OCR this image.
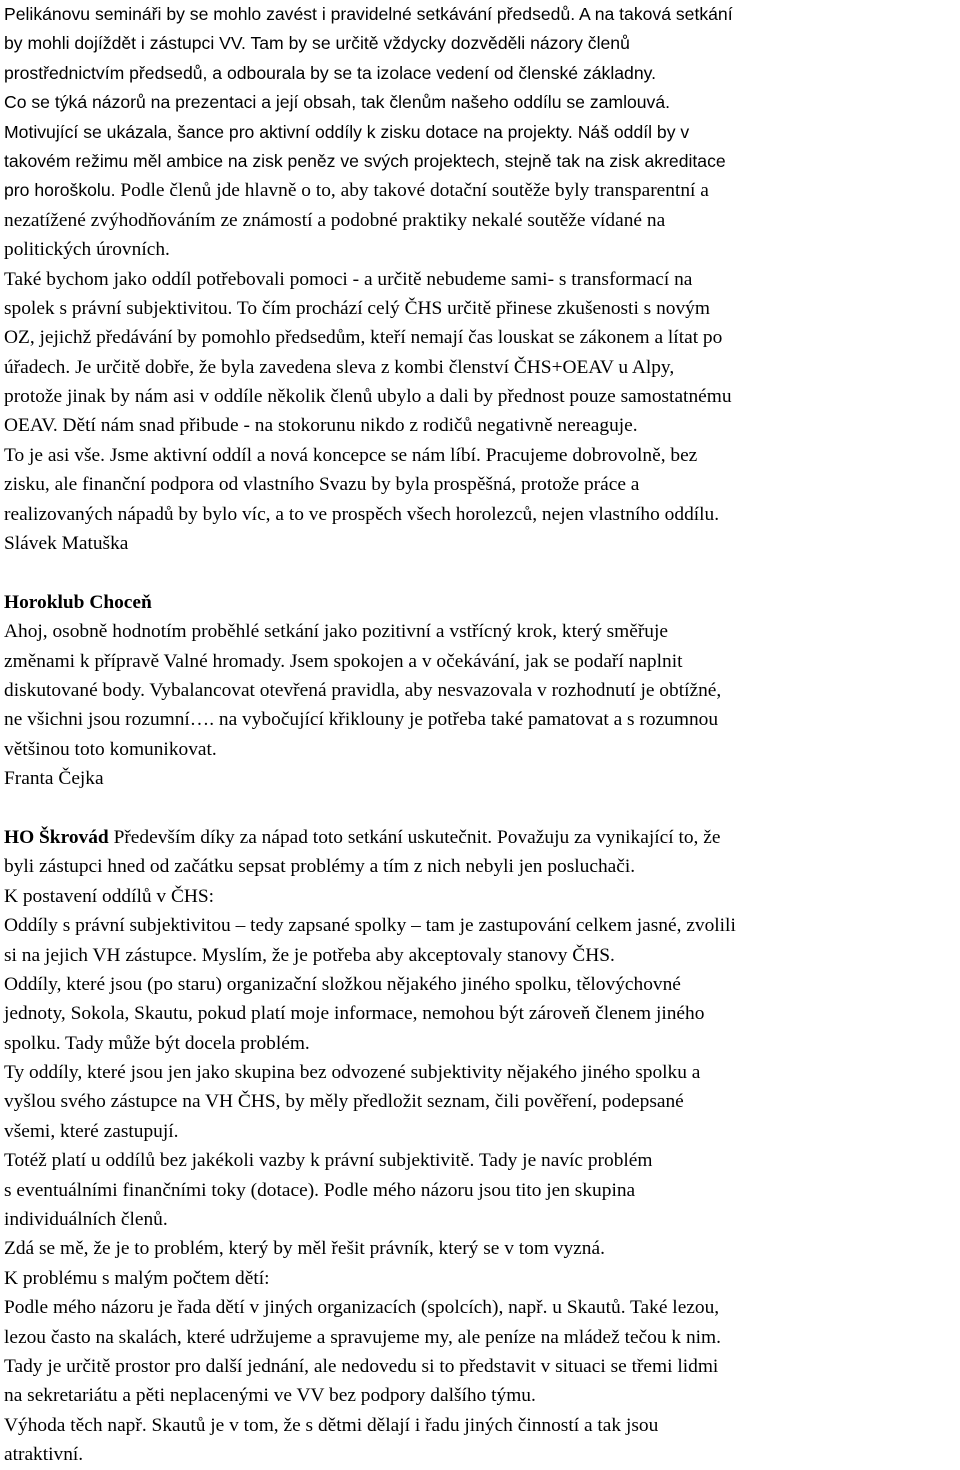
Pelikánovu semináři by se mohlo zavést i pravidelné setkávání předsedů. A na taková setkání
by mohli dojíždět i zástupci VV. Tam by se určitě vždycky dozvěděli názory členů
prostřednictvím předsedů, a odbourala by se ta izolace vedení od členské základny.
Co se týká názorů na prezentaci a její obsah, tak členům našeho oddílu se zamlouvá.
Motivující se ukázala, šance pro aktivní oddíly k zisku dotace na projekty. Náš oddíl by v
takovém režimu měl ambice na zisk peněz ve svých projektech, stejně tak na zisk akreditace
pro horoškolu. Podle členů jde hlavně o to, aby takové dotační soutěže byly transparentní a
nezatížené zvýhodňováním ze známostí a podobné praktiky nekalé soutěže vídané na
politických úrovních.
Také bychom jako oddíl potřebovali pomoci - a určitě nebudeme sami- s transformací na
spolek s právní subjektivitou. To čím prochází celý ČHS určitě přinese zkušenosti s novým
OZ, jejichž předávání by pomohlo předsedům, kteří nemají čas louskat se zákonem a lítat po
úřadech. Je určitě dobře, že byla zavedena sleva z kombi členství ČHS+OEAV u Alpy,
protože jinak by nám asi v oddíle několik členů ubylo a dali by přednost pouze samostatnému
OEAV. Dětí nám snad přibude - na stokorunu nikdo z rodičů negativně nereaguje.
To je asi vše. Jsme aktivní oddíl a nová koncepce se nám líbí. Pracujeme dobrovolně, bez
zisku, ale finanční podpora od vlastního Svazu by byla prospěšná, protože práce a
realizovaných nápadů by bylo víc, a to ve prospěch všech horolezců, nejen vlastního oddílu.
Slávek Matuška
Horoklub Choceň
Ahoj, osobně hodnotím proběhlé setkání jako pozitivní a vstřícný krok, který směřuje
změnami k přípravě Valné hromady. Jsem spokojen a v očekávání, jak se podaří naplnit
diskutované body. Vybalancovat otevřená pravidla, aby nesvazovala v rozhodnutí je obtížné,
ne všichni jsou rozumní…. na vybočující křiklouny je potřeba také pamatovat a s rozumnou
většinou toto komunikovat.
Franta Čejka
HO Škrovád Především díky za nápad toto setkání uskutečnit. Považuju za vynikající to, že
byli zástupci hned od začátku sepsat problémy a tím z nich nebyli jen posluchači.
K postavení oddílů v ČHS:
Oddíly s právní subjektivitou – tedy zapsané spolky – tam je zastupování celkem jasné, zvolili
si na jejich VH zástupce. Myslím, že je potřeba aby akceptovaly stanovy ČHS.
Oddíly, které jsou (po staru) organizační složkou nějakého jiného spolku, tělovýchovné
jednoty, Sokola, Skautu, pokud platí moje informace, nemohou být zároveň členem jiného
spolku. Tady může být docela problém.
Ty oddíly, které jsou jen jako skupina bez odvozené subjektivity nějakého jiného spolku a
vyšlou svého zástupce na VH ČHS, by měly předložit seznam, čili pověření, podepsané
všemi, které zastupují.
Totéž platí u oddílů bez jakékoli vazby k právní subjektivitě. Tady je navíc problém
s eventuálními finančními toky (dotace). Podle mého názoru jsou tito jen skupina
individuálních členů.
Zdá se mě, že je to problém, který by měl řešit právník, který se v tom vyzná.
K problému s malým počtem dětí:
Podle mého názoru je řada dětí v jiných organizacích (spolcích), např. u Skautů. Také lezou,
lezou často na skalách, které udržujeme a spravujeme my, ale peníze na mládež tečou k nim.
Tady je určitě prostor pro další jednání, ale nedovedu si to představit v situaci se třemi lidmi
na sekretariátu a pěti neplacenými ve VV bez podpory dalšího týmu.
Výhoda těch např. Skautů je v tom, že s dětmi dělají i řadu jiných činností a tak jsou
atraktivní.
